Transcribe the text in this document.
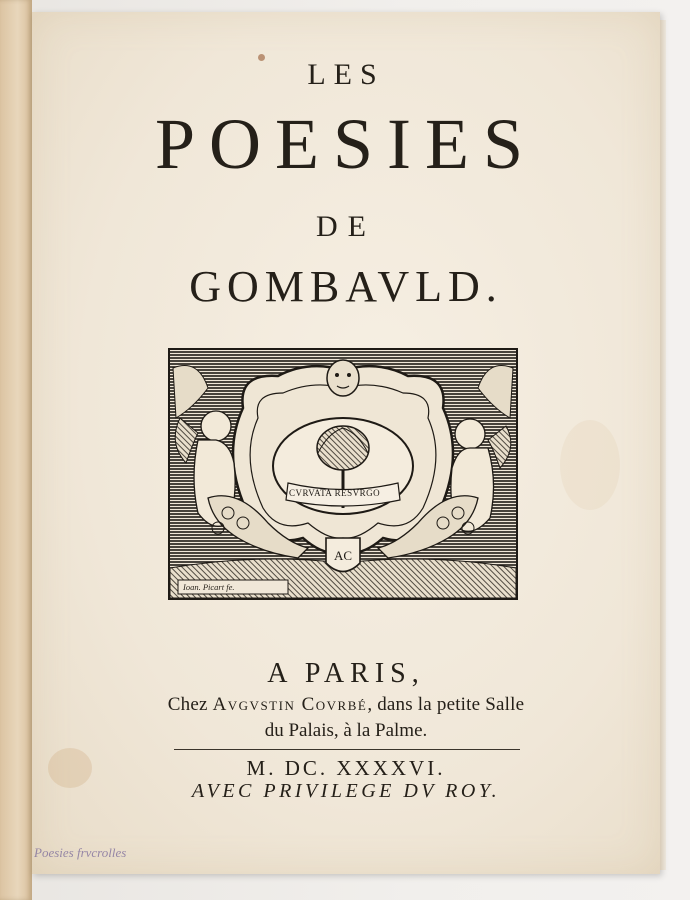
LES
POESIES
DE
GOMBAVLD.
AC
CVRVATA RESVRGO
Ioan. Picart fe.
A PARIS,
Chez Avgvstin Covrbé, dans la petite Salle
du Palais, à la Palme.
M. DC. XXXXVI.
AVEC PRIVILEGE DV ROY.
Poesies frvcrolles
